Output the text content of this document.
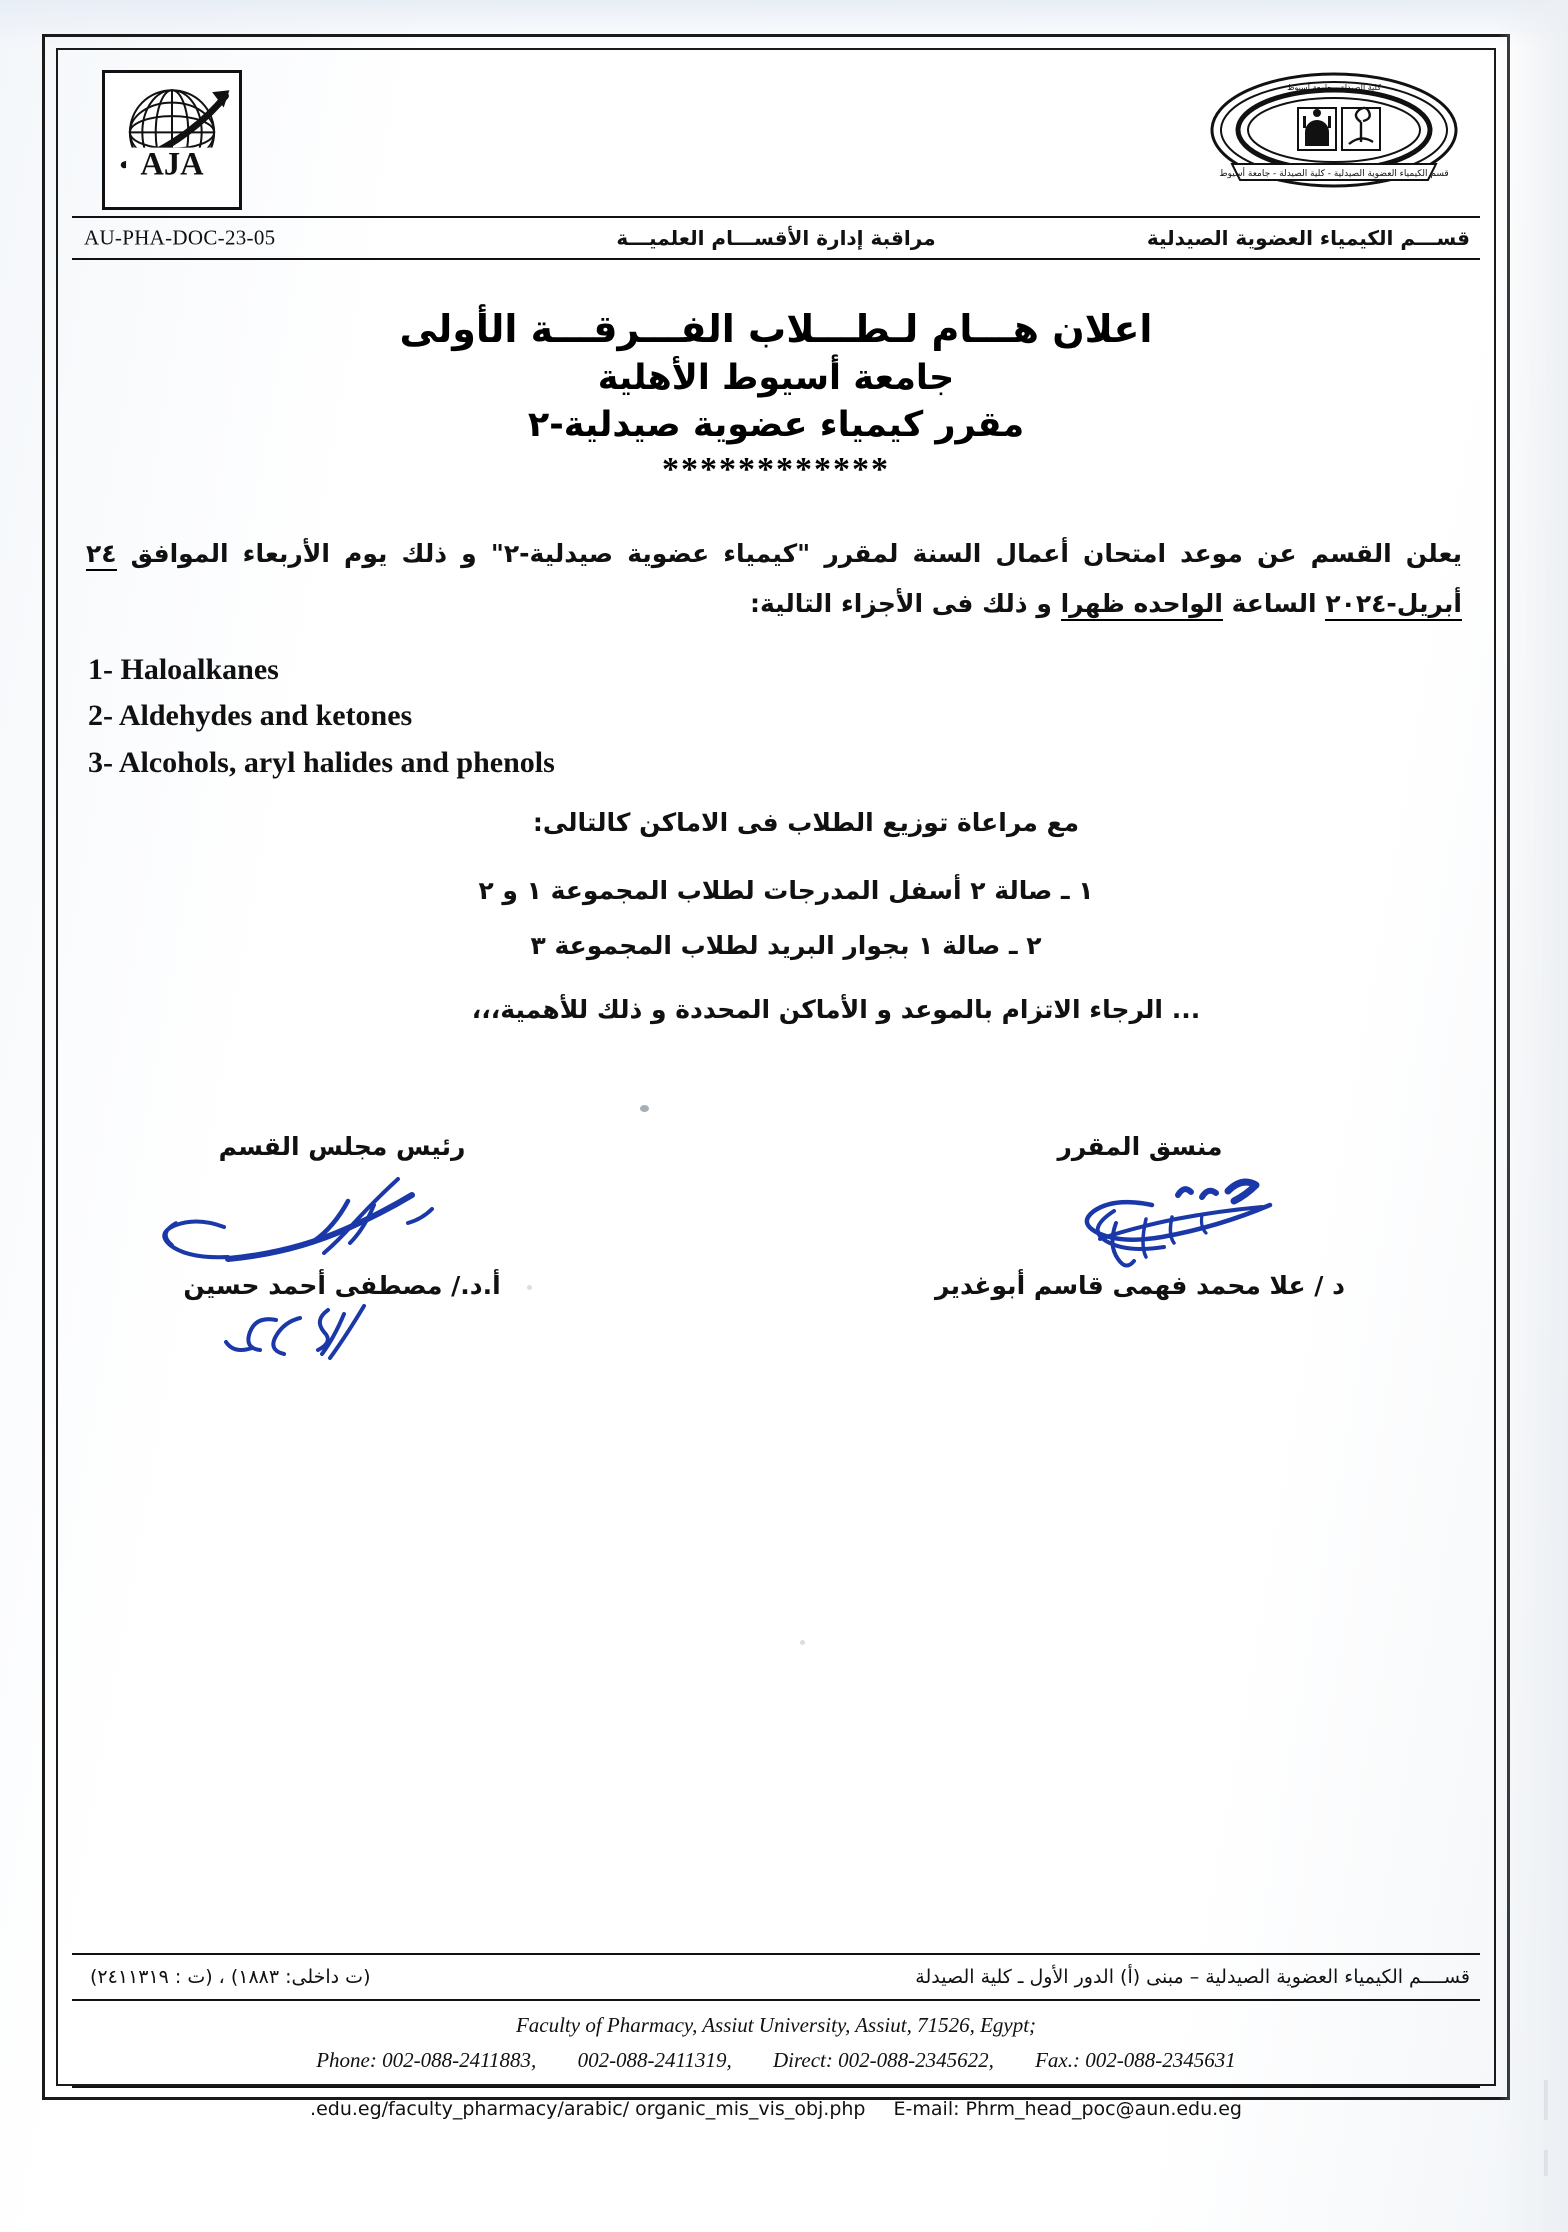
AJA	قسم الكيمياء العضوية الصيدلية - كلية الصيدلة - جامعة أسيوط
كلية الصيدلة - جامعة أسيوط
AU-PHA-DOC-23-05	مراقبة إدارة الأقســـام العلميـــة	قســـم الكيمياء العضوية الصيدلية
اعلان هـــام لـطـــلاب الفـــرقـــة الأولى
جامعة أسيوط الأهلية
مقرر كيمياء عضوية صيدلية-٢
************
يعلن القسم عن موعد امتحان أعمال السنة لمقرر "كيمياء عضوية صيدلية-٢" و ذلك يوم الأربعاء الموافق ٢٤ أبريل-٢٠٢٤ الساعة الواحده ظهرا و ذلك فى الأجزاء التالية:
1- Haloalkanes
2- Aldehydes and ketones
3- Alcohols, aryl halides and phenols
مع مراعاة توزيع الطلاب فى الاماكن كالتالى:
١ ـ صالة ٢ أسفل المدرجات لطلاب المجموعة ١ و ٢
٢ ـ صالة ١ بجوار البريد لطلاب المجموعة ٣
... الرجاء الاتزام بالموعد و الأماكن المحددة و ذلك للأهمية،،،
منسق المقرر
د / علا محمد فهمى قاسم أبوغدير
رئيس مجلس القسم
أ.د./ مصطفى أحمد حسين
قســــم الكيمياء العضوية الصيدلية – مبنى (أ) الدور الأول ـ كلية الصيدلة
(ت داخلى: ١٨٨٣) ، (ت : ٢٤١١٣١٩)
Faculty of Pharmacy, Assiut University, Assiut, 71526, Egypt;
Phone: 002-088-2411883, 002-088-2411319, Direct: 002-088-2345622, Fax.: 002-088-2345631
.edu.eg/faculty_pharmacy/arabic/ organic_mis_vis_obj.php E-mail: Phrm_head_poc@aun.edu.eg
